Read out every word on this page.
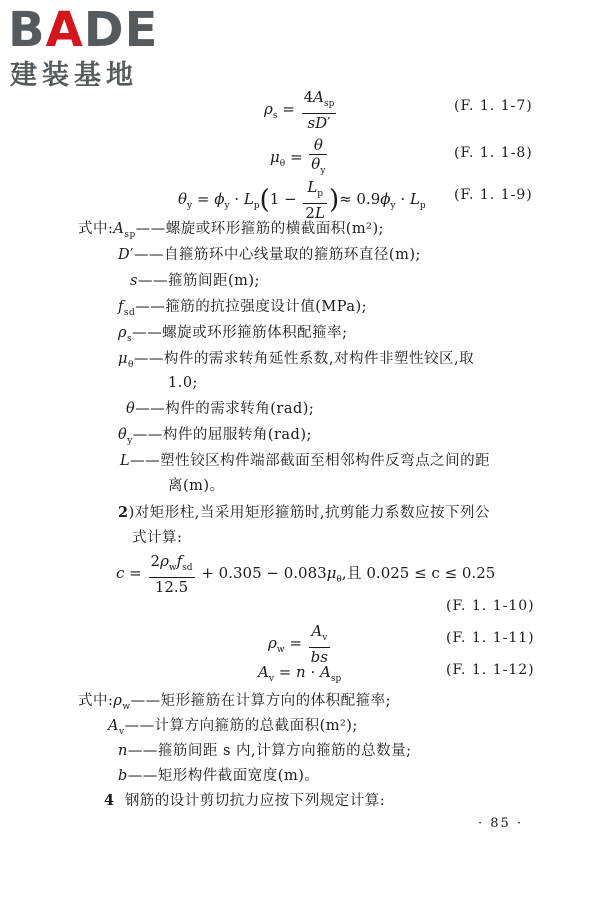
BADE
建装基地
$\rho_s = \frac{4A_{sp}}{sD'}$	(F. 1. 1-7)
$\mu_\theta = \frac{\theta}{\theta_y}$	(F. 1. 1-8)
$\theta_y = \phi_y \cdot L_p(1 - \frac{L_p}{2L}$ )≈ $0.9\phi_y \cdot L_p$
(F. 1. 1-9)
式中$:A_{sp}——$螺旋或环形箍筋的横截面积(m²);
D′——自箍筋环中心线量取的箍筋环直径(m);
s——箍筋间距(m);
$f_{sd}——$箍筋的抗拉强度设计值(MPa);
$\rho_s——$螺旋或环形箍筋体积配箍率;
$\mu_\theta——$构件的需求转角延性系数,对构件非塑性铰区,取
1.0;
θ——构件的需求转角(rad);
$\theta_y——$构件的屈服转角(rad);
L——塑性铰区构件端部截面至相邻构件反弯点之间的距
离(m)。
2)对矩形柱,当采用矩形箍筋时,抗剪能力系数应按下列公
式计算:
$c = \frac{2\rho_wf_{sd}}{12.5} + 0.305 - 0.083\mu_\theta$,且 0.025 ≤ c ≤ 0.25
(F. 1. 1-10)
$\rho_w = \frac{A_v}{bs}$	(F. 1. 1-11)
$A_v = n \cdot A_{sp}$
(F. 1. 1-12)
式中$:\rho_w——$矩形箍筋在计算方向的体积配箍率;
$A_v——$计算方向箍筋的总截面积(m²);
n——箍筋间距 s 内,计算方向箍筋的总数量;
b——矩形构件截面宽度(m)。
4 钢筋的设计剪切抗力应按下列规定计算:
· 85 ·
